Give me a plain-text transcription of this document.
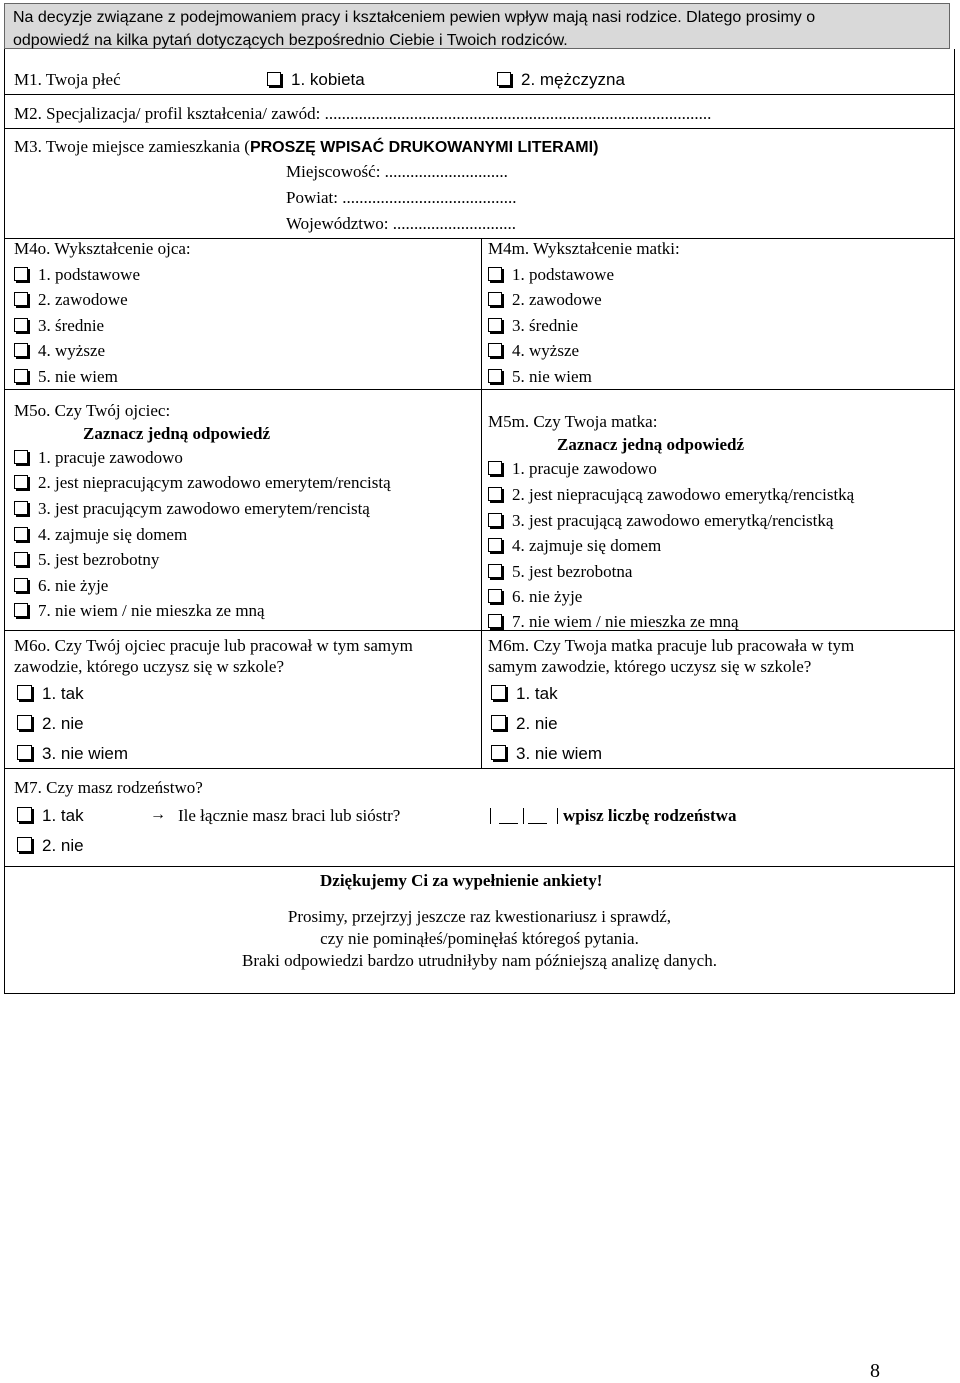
Na decyzje związane z podejmowaniem pracy i kształceniem pewien wpływ mają nasi rodzice. Dlatego prosimy o
odpowiedź na kilka pytań dotyczących bezpośrednio Ciebie i Twoich rodziców.
M1. Twoja płeć	1. kobieta	2. mężczyzna
M2. Specjalizacja/ profil kształcenia/ zawód: ...........................................................................................
M3. Twoje miejsce zamieszkania (PROSZĘ WPISAĆ DRUKOWANYMI LITERAMI)
Miejscowość: .............................
Powiat: .........................................
Województwo: .............................
M4o. Wykształcenie ojca:
1. podstawowe
2. zawodowe
3. średnie
4. wyższe
5. nie wiem
M4m. Wykształcenie matki:
1. podstawowe
2. zawodowe
3. średnie
4. wyższe
5. nie wiem
M5o. Czy Twój ojciec:
Zaznacz jedną odpowiedź
1. pracuje zawodowo
2. jest niepracującym zawodowo emerytem/rencistą
3. jest pracującym zawodowo emerytem/rencistą
4. zajmuje się domem
5. jest bezrobotny
6. nie żyje
7. nie wiem / nie mieszka ze mną
M5m. Czy Twoja matka:
Zaznacz jedną odpowiedź
1. pracuje zawodowo
2. jest niepracującą zawodowo emerytką/rencistką
3. jest pracującą zawodowo emerytką/rencistką
4. zajmuje się domem
5. jest bezrobotna
6. nie żyje
7. nie wiem / nie mieszka ze mną
M6o. Czy Twój ojciec pracuje lub pracował w tym samym
zawodzie, którego uczysz się w szkole?
1. tak
2. nie
3. nie wiem
M6m. Czy Twoja matka pracuje lub pracowała w tym
samym zawodzie, którego uczysz się w szkole?
1. tak
2. nie
3. nie wiem
M7. Czy masz rodzeństwo?
1. tak	→ Ile łącznie masz braci lub sióstr?	wpisz liczbę rodzeństwa
2. nie
Dziękujemy Ci za wypełnienie ankiety!
Prosimy, przejrzyj jeszcze raz kwestionariusz i sprawdź,
czy nie pominąłeś/pominęłaś któregoś pytania.
Braki odpowiedzi bardzo utrudniłyby nam późniejszą analizę danych.
8
